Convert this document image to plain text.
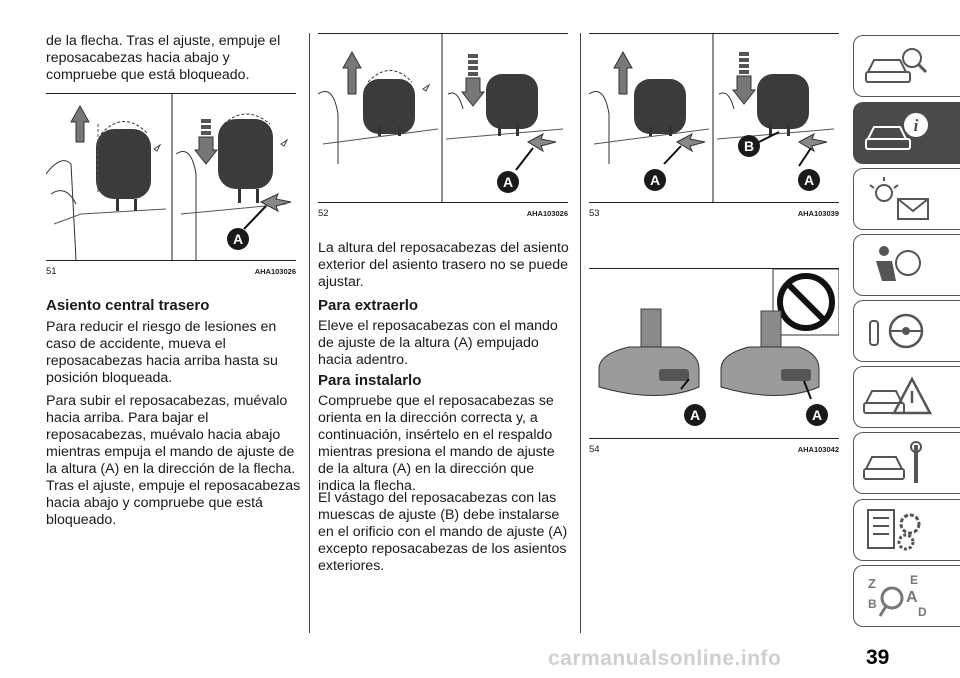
de la flecha. Tras el ajuste, empuje el reposacabezas hacia abajo y compruebe que está bloqueado.

A
51	AHA103026
Asiento central trasero

Para reducir el riesgo de lesiones en caso de accidente, mueva el reposacabezas hacia arriba hasta su posición bloqueada.

Para subir el reposacabezas, muévalo hacia arriba. Para bajar el reposacabezas, muévalo hacia abajo mientras empuja el mando de ajuste de la altura (A) en la dirección de la flecha. Tras el ajuste, empuje el reposacabezas hacia abajo y compruebe que está bloqueado.

A
52	AHA103026

La altura del reposacabezas del asiento exterior del asiento trasero no se puede ajustar.

Para extraerlo

Eleve el reposacabezas con el mando de ajuste de la altura (A) empujado hacia adentro.

Para instalarlo

Compruebe que el reposacabezas se orienta en la dirección correcta y, a continuación, insértelo en el respaldo mientras presiona el mando de ajuste de la altura (A) en la dirección que indica la flecha.

El vástago del reposacabezas con las muescas de ajuste (B) debe instalarse en el orificio con el mando de ajuste (A) excepto reposacabezas de los asientos exteriores.

A
B
A
53	AHA103039
A	A
54	AHA103042
i
Z	E
B A
D
39
carmanualsonline.info
